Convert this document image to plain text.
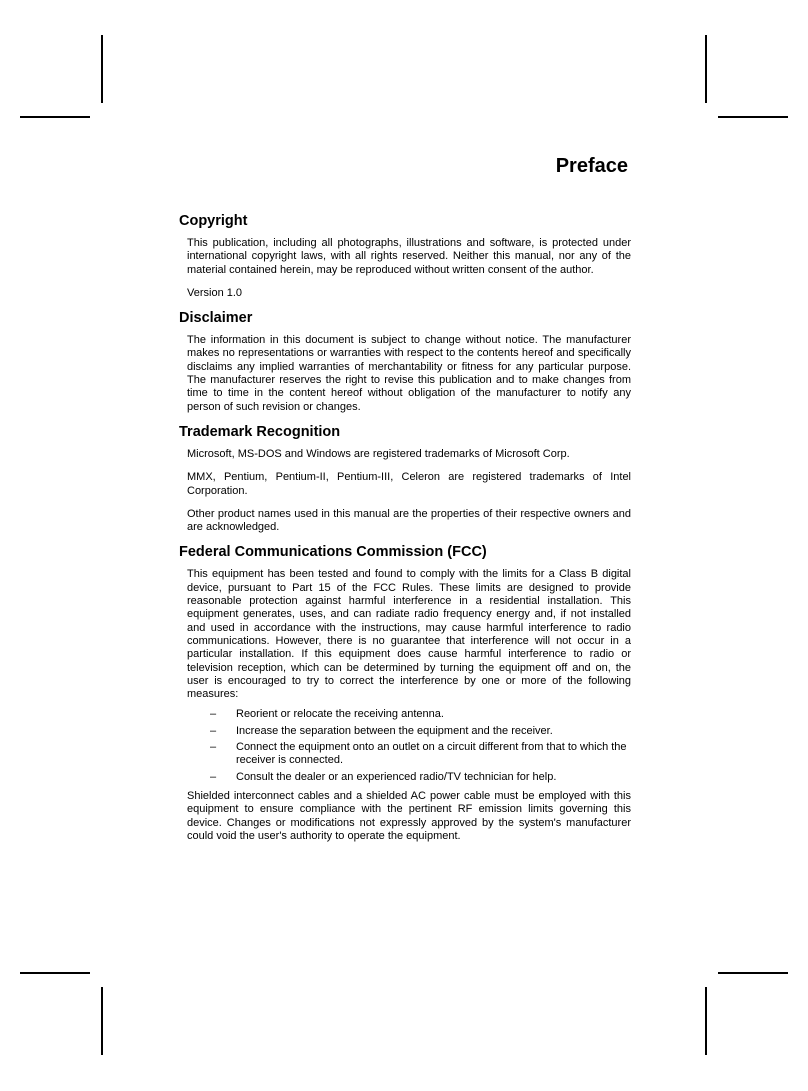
Preface
Copyright

This publication, including all photographs, illustrations and software, is protected under international copyright laws, with all rights reserved. Neither this manual, nor any of the material contained herein, may be reproduced without written consent of the author.

Version 1.0

Disclaimer

The information in this document is subject to change without notice. The manufacturer makes no representations or warranties with respect to the contents hereof and specifically disclaims any implied warranties of merchantability or fitness for any particular purpose. The manufacturer reserves the right to revise this publication and to make changes from time to time in the content hereof without obligation of the manufacturer to notify any person of such revision or changes.

Trademark Recognition

Microsoft, MS-DOS and Windows are registered trademarks of Microsoft Corp.

MMX, Pentium, Pentium-II, Pentium-III, Celeron are registered trademarks of Intel Corporation.

Other product names used in this manual are the properties of their respective owners and are acknowledged.

Federal Communications Commission (FCC)

This equipment has been tested and found to comply with the limits for a Class B digital device, pursuant to Part 15 of the FCC Rules. These limits are designed to provide reasonable protection against harmful interference in a residential installation. This equipment generates, uses, and can radiate radio frequency energy and, if not installed and used in accordance with the instructions, may cause harmful interference to radio communications. However, there is no guarantee that interference will not occur in a particular installation. If this equipment does cause harmful interference to radio or television reception, which can be determined by turning the equipment off and on, the user is encouraged to try to correct the interference by one or more of the following measures:

– Reorient or relocate the receiving antenna.
– Increase the separation between the equipment and the receiver.
– Connect the equipment onto an outlet on a circuit different from that to which the receiver is connected.
– Consult the dealer or an experienced radio/TV technician for help.

Shielded interconnect cables and a shielded AC power cable must be employed with this equipment to ensure compliance with the pertinent RF emission limits governing this device. Changes or modifications not expressly approved by the system's manufacturer could void the user's authority to operate the equipment.
